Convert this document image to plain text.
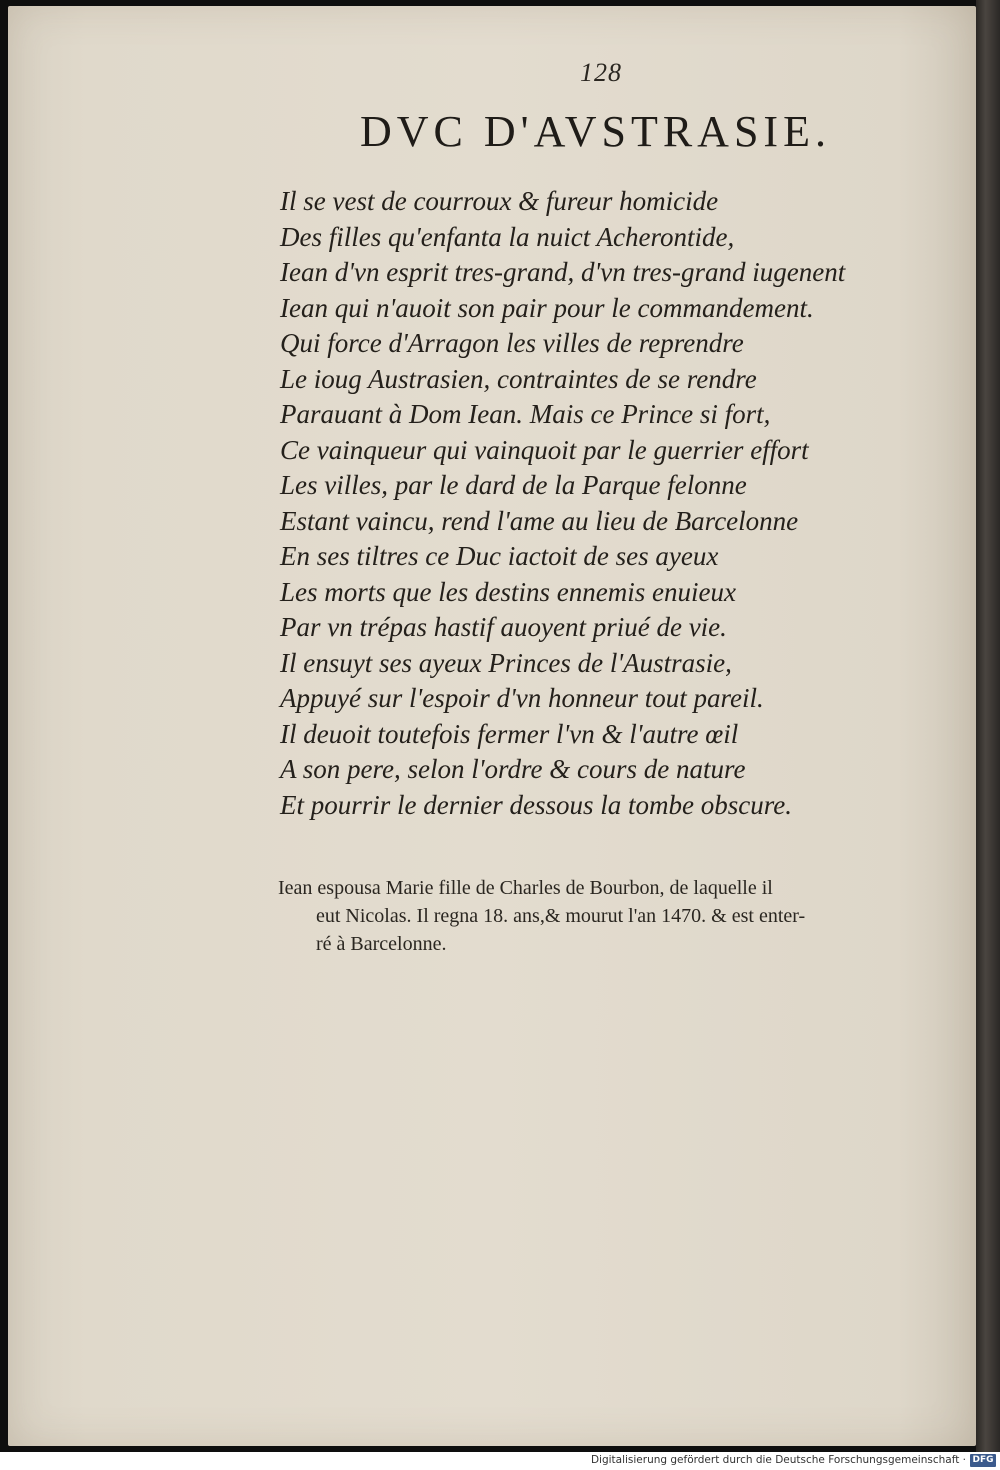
128
DVC D'AVSTRASIE.
Il se vest de courroux & fureur homicide
Des filles qu'enfanta la nuict Acherontide,
Iean d'vn esprit tres-grand, d'vn tres-grand iugenent
Iean qui n'auoit son pair pour le commandement.
Qui force d'Arragon les villes de reprendre
Le ioug Austrasien, contraintes de se rendre
Parauant à Dom Iean. Mais ce Prince si fort,
Ce vainqueur qui vainquoit par le guerrier effort
Les villes, par le dard de la Parque felonne
Estant vaincu, rend l'ame au lieu de Barcelonne
En ses tiltres ce Duc iactoit de ses ayeux
Les morts que les destins ennemis enuieux
Par vn trépas hastif auoyent priué de vie.
Il ensuyt ses ayeux Princes de l'Austrasie,
Appuyé sur l'espoir d'vn honneur tout pareil.
Il deuoit toutefois fermer l'vn & l'autre œil
A son pere, selon l'ordre & cours de nature
Et pourrir le dernier dessous la tombe obscure.
Iean espousa Marie fille de Charles de Bourbon, de laquelle il
eut Nicolas. Il regna 18. ans,& mourut l'an 1470. & est enter-
ré à Barcelonne.
Digitalisierung gefördert durch die Deutsche Forschungsgemeinschaft · DFG
